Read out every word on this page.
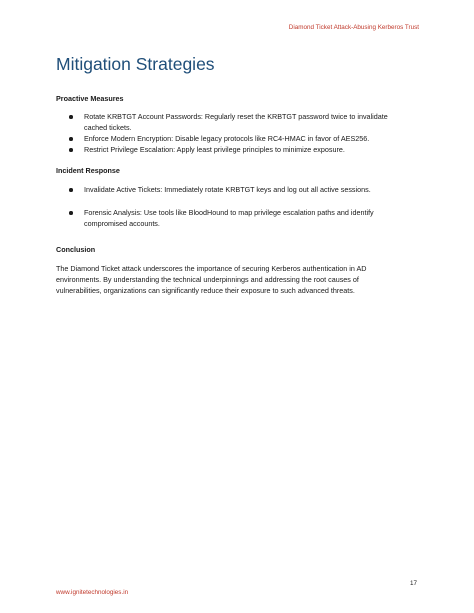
Diamond Ticket Attack-Abusing Kerberos Trust
Mitigation Strategies
Proactive Measures
Rotate KRBTGT Account Passwords: Regularly reset the KRBTGT password twice to invalidate cached tickets.
Enforce Modern Encryption: Disable legacy protocols like RC4-HMAC in favor of AES256.
Restrict Privilege Escalation: Apply least privilege principles to minimize exposure.
Incident Response
Invalidate Active Tickets: Immediately rotate KRBTGT keys and log out all active sessions.
Forensic Analysis: Use tools like BloodHound to map privilege escalation paths and identify compromised accounts.
Conclusion

The Diamond Ticket attack underscores the importance of securing Kerberos authentication in AD environments. By understanding the technical underpinnings and addressing the root causes of vulnerabilities, organizations can significantly reduce their exposure to such advanced threats.

17
www.ignitetechnologies.in
